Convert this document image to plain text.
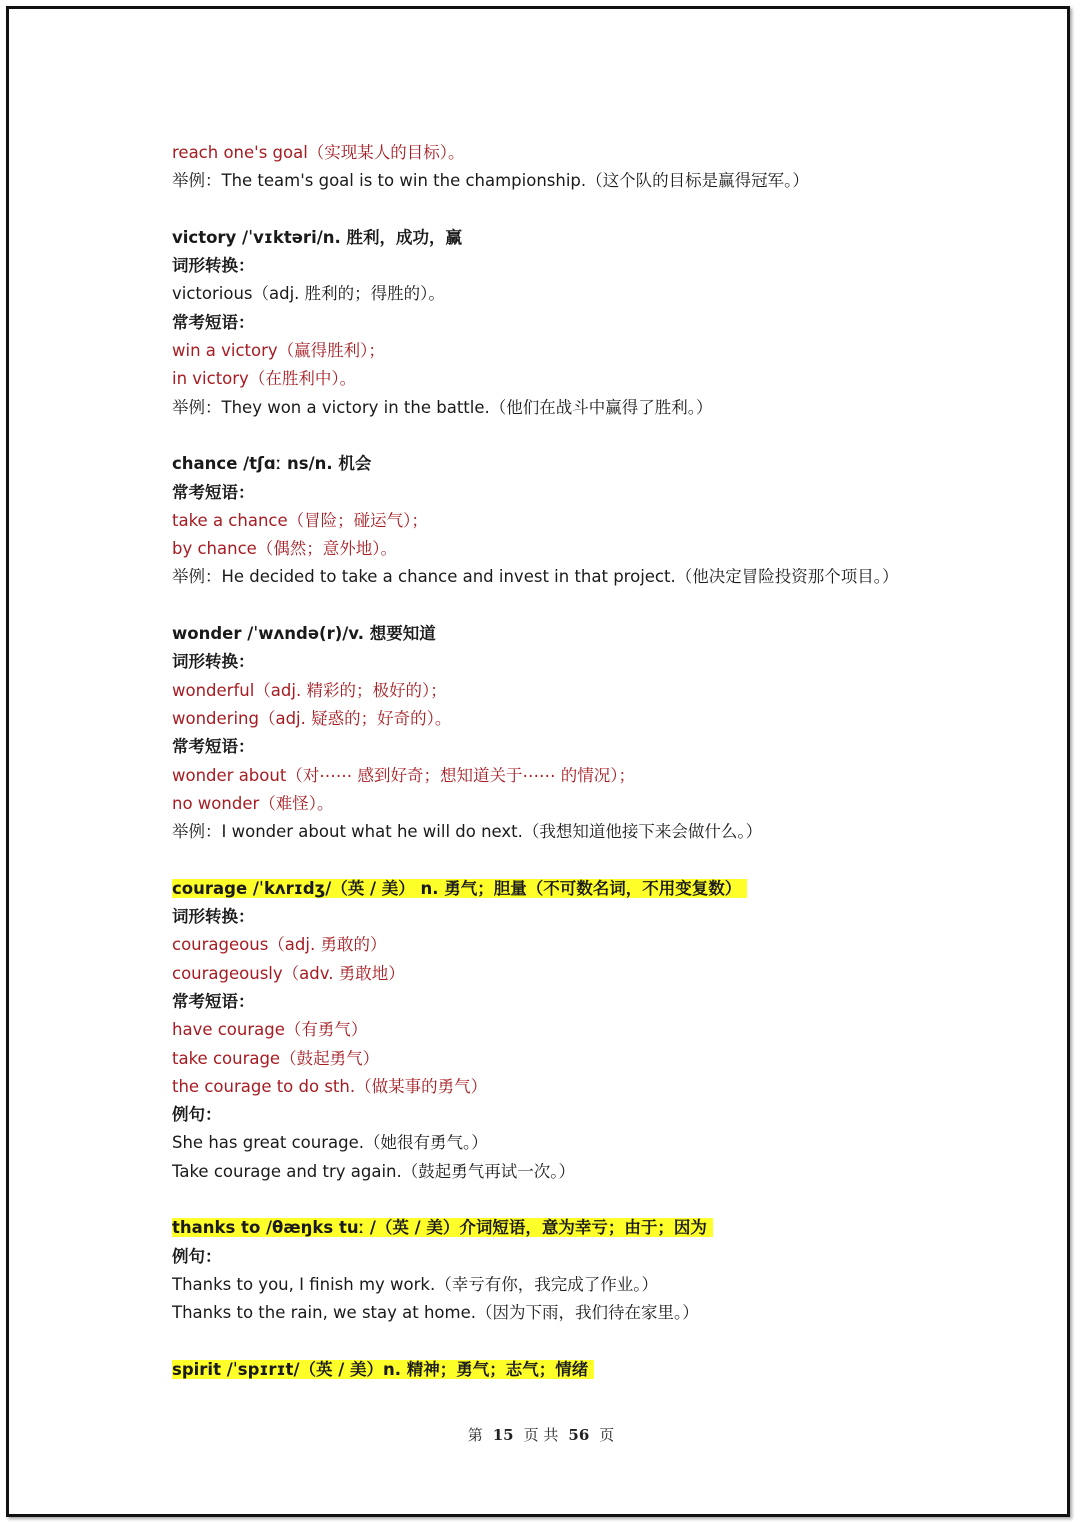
reach one's goal（实现某人的目标）。
举例：The team's goal is to win the championship.（这个队的目标是赢得冠军。）
victory /ˈvɪktəri/n. 胜利，成功，赢
词形转换：
victorious（adj. 胜利的；得胜的）。
常考短语：
win a victory（赢得胜利）；
in victory（在胜利中）。
举例：They won a victory in the battle.（他们在战斗中赢得了胜利。）
chance /tʃɑː ns/n. 机会
常考短语：
take a chance（冒险；碰运气）；
by chance（偶然；意外地）。
举例：He decided to take a chance and invest in that project.（他决定冒险投资那个项目。）
wonder /ˈwʌndə(r)/v. 想要知道
词形转换：
wonderful（adj. 精彩的；极好的）；
wondering（adj. 疑惑的；好奇的）。
常考短语：
wonder about（对⋯⋯ 感到好奇；想知道关于⋯⋯ 的情况）；
no wonder（难怪）。
举例：I wonder about what he will do next.（我想知道他接下来会做什么。）
courage /ˈkʌrɪdʒ/（英 / 美） n. 勇气；胆量（不可数名词，不用变复数）
词形转换：
courageous（adj. 勇敢的）
courageously（adv. 勇敢地）
常考短语：
have courage（有勇气）
take courage（鼓起勇气）
the courage to do sth.（做某事的勇气）
例句：
She has great courage.（她很有勇气。）
Take courage and try again.（鼓起勇气再试一次。）
thanks to /θæŋks tuː /（英 / 美）介词短语，意为幸亏；由于；因为
例句：
Thanks to you, I finish my work.（幸亏有你，我完成了作业。）
Thanks to the rain, we stay at home.（因为下雨，我们待在家里。）
spirit /ˈspɪrɪt/（英 / 美）n. 精神；勇气；志气；情绪
第 15 页 共 56 页
